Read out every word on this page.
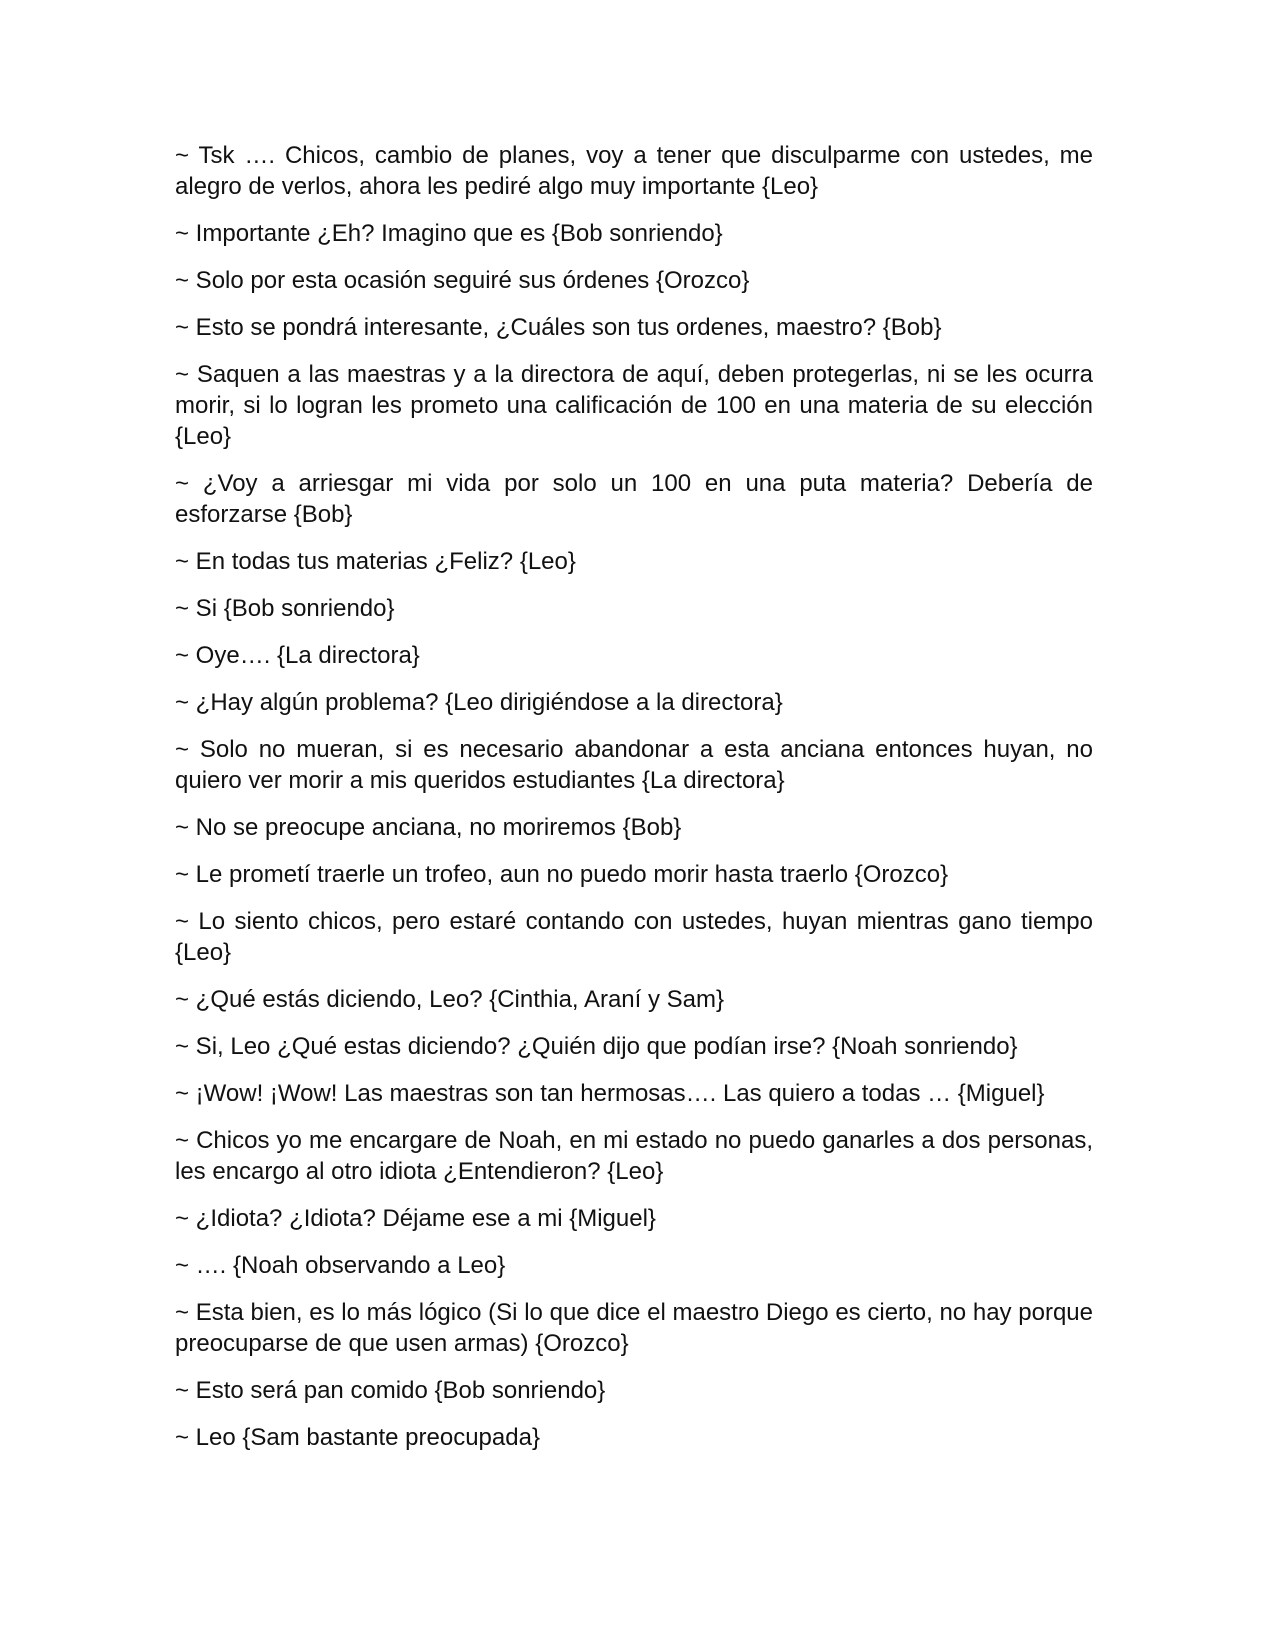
~ Tsk …. Chicos, cambio de planes, voy a tener que disculparme con ustedes, me alegro de verlos, ahora les pediré algo muy importante {Leo}

~ Importante ¿Eh? Imagino que es {Bob sonriendo}

~ Solo por esta ocasión seguiré sus órdenes {Orozco}

~ Esto se pondrá interesante, ¿Cuáles son tus ordenes, maestro? {Bob}

~ Saquen a las maestras y a la directora de aquí, deben protegerlas, ni se les ocurra morir, si lo logran les prometo una calificación de 100 en una materia de su elección {Leo}

~ ¿Voy a arriesgar mi vida por solo un 100 en una puta materia? Debería de esforzarse {Bob}

~ En todas tus materias ¿Feliz? {Leo}

~ Si {Bob sonriendo}

~ Oye…. {La directora}

~ ¿Hay algún problema? {Leo dirigiéndose a la directora}

~ Solo no mueran, si es necesario abandonar a esta anciana entonces huyan, no quiero ver morir a mis queridos estudiantes {La directora}

~ No se preocupe anciana, no moriremos {Bob}

~ Le prometí traerle un trofeo, aun no puedo morir hasta traerlo {Orozco}

~ Lo siento chicos, pero estaré contando con ustedes, huyan mientras gano tiempo {Leo}

~ ¿Qué estás diciendo, Leo? {Cinthia, Araní y Sam}

~ Si, Leo ¿Qué estas diciendo? ¿Quién dijo que podían irse? {Noah sonriendo}

~ ¡Wow! ¡Wow! Las maestras son tan hermosas…. Las quiero a todas … {Miguel}

~ Chicos yo me encargare de Noah, en mi estado no puedo ganarles a dos personas, les encargo al otro idiota ¿Entendieron? {Leo}

~ ¿Idiota? ¿Idiota? Déjame ese a mi {Miguel}

~ …. {Noah observando a Leo}

~ Esta bien, es lo más lógico (Si lo que dice el maestro Diego es cierto, no hay porque preocuparse de que usen armas) {Orozco}

~ Esto será pan comido {Bob sonriendo}

~ Leo {Sam bastante preocupada}
